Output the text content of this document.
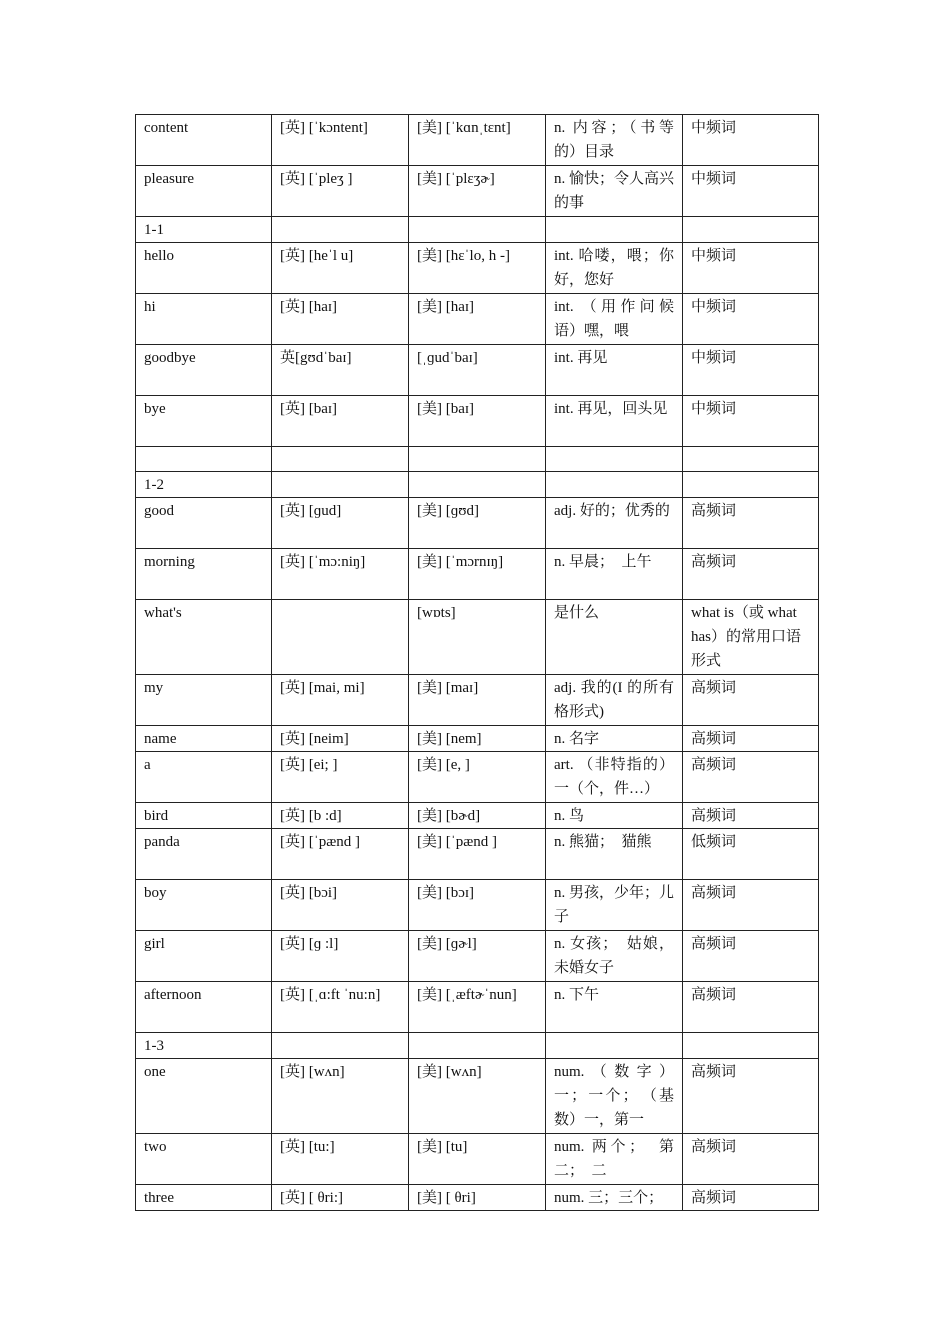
content	[英] [ˈkɔntent]	[美] [ˈkɑnˌtɛnt]	n. 内容；（书等的）目录	中频词
pleasure	[英] [ˈpleʒ ]	[美] [ˈplɛʒɚ]	n. 愉快；令人高兴的事	中频词
1-1				
hello	[英] [heˈl u]	[美] [hɛˈlo, h -]	int. 哈喽，喂；你好，您好	中频词
hi	[英] [haɪ]	[美] [haɪ]	int. （用作问候语）嘿，喂	中频词
goodbye	英[gʊdˈbaɪ]	[ˌɡudˈbaɪ]	int. 再见	中频词
bye	[英] [baɪ]	[美] [baɪ]	int. 再见，回头见	中频词

1-2				
good	[英] [ɡud]	[美] [ɡʊd]	adj. 好的；优秀的	高频词
morning	[英] [ˈmɔ:niŋ]	[美] [ˈmɔrnɪŋ]	n. 早晨；　上午	高频词
what's		[wɒts]	是什么	what is（或 what has）的常用口语形式
my	[英] [mai, mi]	[美] [maɪ]	adj. 我的(I 的所有格形式)	高频词
name	[英] [neim]	[美] [nem]	n. 名字	高频词
a	[英] [ei; ]	[美] [e, ]	art. （非特指的）一（个，件…）	高频词
bird	[英] [b :d]	[美] [bɚd]	n. 鸟	高频词
panda	[英] [ˈpænd ]	[美] [ˈpænd ]	n. 熊猫；　猫熊	低频词
boy	[英] [bɔi]	[美] [bɔɪ]	n. 男孩，少年；儿子	高频词
girl	[英] [ɡ :l]	[美] [ɡɚl]	n. 女孩；　姑娘，未婚女子	高频词
afternoon	[英] [ˌɑ:ft ˈnu:n]	[美] [ˌæftɚˈnun]	n. 下午	高频词
1-3				
one	[英] [wʌn]	[美] [wʌn]	num.（数字）一；一个；　（基数）一，第一	高频词
two	[英] [tu:]	[美] [tu]	num. 两个；　第二；　二	高频词
three	[英] [ θri:]	[美] [ θri]	num. 三；三个；	高频词
